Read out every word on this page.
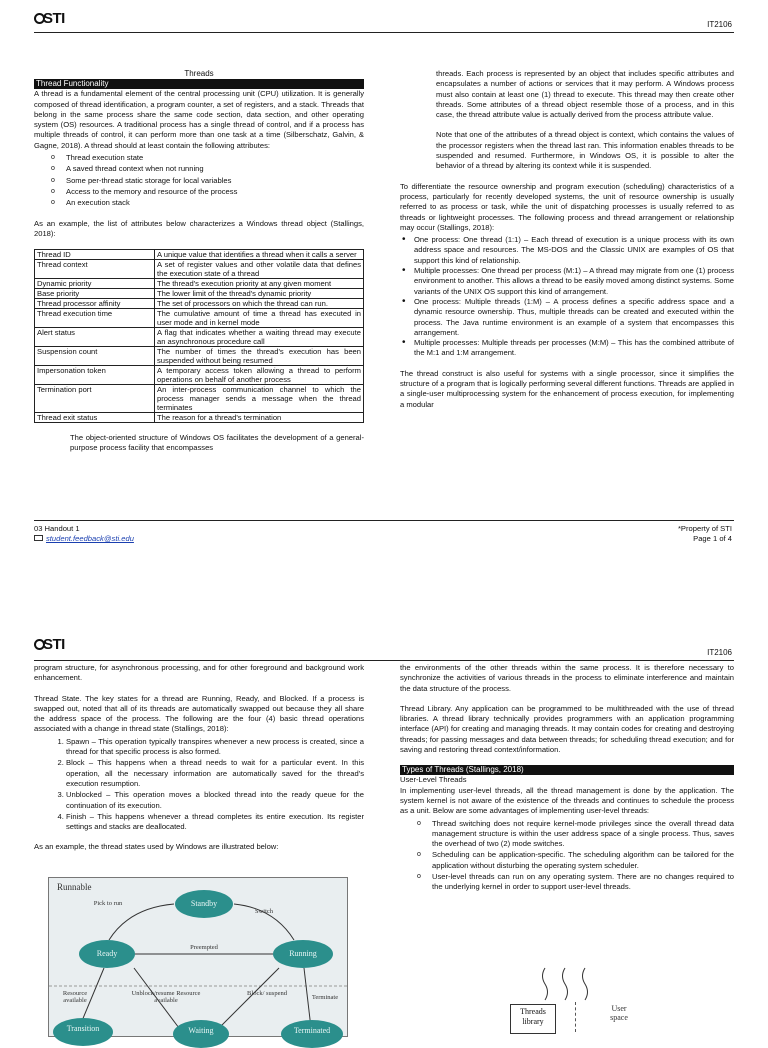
STI	IT2106
Threads
Thread Functionality

A thread is a fundamental element of the central processing unit (CPU) utilization. It is generally composed of thread identification, a program counter, a set of registers, and a stack. Threads that belong in the same process share the same code section, data section, and other operating system (OS) resources. A traditional process has a single thread of control, and if a process has multiple threads of control, it can perform more than one task at a time (Silberschatz, Galvin, & Gagne, 2018). A thread should at least contain the following attributes:

o Thread execution state
o A saved thread context when not running
o Some per-thread static storage for local variables
o Access to the memory and resource of the process
o An execution stack

As an example, the list of attributes below characterizes a Windows thread object (Stallings, 2018):

Thread ID	A unique value that identifies a thread when it calls a server
Thread context	A set of register values and other volatile data that defines the execution state of a thread
Dynamic priority	The thread's execution priority at any given moment
Base priority	The lower limit of the thread's dynamic priority
Thread processor affinity	The set of processors on which the thread can run.
Thread execution time	The cumulative amount of time a thread has executed in user mode and in kernel mode
Alert status	A flag that indicates whether a waiting thread may execute an asynchronous procedure call
Suspension count	The number of times the thread's execution has been suspended without being resumed
Impersonation token	A temporary access token allowing a thread to perform operations on behalf of another process
Termination port	An inter-process communication channel to which the process manager sends a message when the thread terminates
Thread exit status	The reason for a thread's termination

The object-oriented structure of Windows OS facilitates the development of a general-purpose process facility that encompasses

threads. Each process is represented by an object that includes specific attributes and encapsulates a number of actions or services that it may perform. A Windows process must also contain at least one (1) thread to execute. This thread may then create other threads. Some attributes of a thread object resemble those of a process, and in this case, the thread attribute value is actually derived from the process attribute value.

Note that one of the attributes of a thread object is context, which contains the values of the processor registers when the thread last ran. This information enables threads to be suspended and resumed. Furthermore, in Windows OS, it is possible to alter the behavior of a thread by altering its context while it is suspended.

To differentiate the resource ownership and program execution (scheduling) characteristics of a process, particularly for recently developed systems, the unit of resource ownership is usually referred to as process or task, while the unit of dispatching processes is usually referred to as threads or lightweight processes. The following process and thread arrangement or relationship may occur (Stallings, 2018):

• One process: One thread (1:1) – Each thread of execution is a unique process with its own address space and resources. The MS-DOS and the Classic UNIX are examples of OS that support this kind of relationship.
• Multiple processes: One thread per process (M:1) – A thread may migrate from one (1) process environment to another. This allows a thread to be easily moved among distinct systems. Some variants of the UNIX OS support this kind of arrangement.
• One process: Multiple threads (1:M) – A process defines a specific address space and a dynamic resource ownership. Thus, multiple threads can be created and executed within the process. The Java runtime environment is an example of a system that encompasses this arrangement.
• Multiple processes: Multiple threads per processes (M:M) – This has the combined attribute of the M:1 and 1:M arrangement.

The thread construct is also useful for systems with a single processor, since it simplifies the structure of a program that is logically performing several different functions. Threads are applied in a single-user multiprocessing system for the enhancement of process execution, for implementing a modular

03 Handout 1
student.feedback@sti.edu
*Property of STI
Page 1 of 4
STI	IT2106

program structure, for asynchronous processing, and for other foreground and background work enhancement.

Thread State. The key states for a thread are Running, Ready, and Blocked. If a process is swapped out, noted that all of its threads are automatically swapped out because they all share the address space of the process. The following are the four (4) basic thread operations associated with a change in thread state (Stallings, 2018):

1. Spawn – This operation typically transpires whenever a new process is created, since a thread for that specific process is also formed.
2. Block – This happens when a thread needs to wait for a particular event. In this operation, all the necessary information are automatically saved for the thread's execution resumption.
3. Unblocked – This operation moves a blocked thread into the ready queue for the continuation of its execution.
4. Finish – This happens whenever a thread completes its entire execution. Its register settings and stacks are deallocated.

As an example, the thread states used by Windows are illustrated below:

Runnable
Standby
Ready	Running
Transition	Waiting	Terminated
Pick to run
Switch
Preempted
Resource available
Unblock/resume Resource available
Block/ suspend
Terminate

the environments of the other threads within the same process. It is therefore necessary to synchronize the activities of various threads in the process to eliminate interference and maintain the data structure of the process.

Thread Library. Any application can be programmed to be multithreaded with the use of thread libraries. A thread library technically provides programmers with an application programming interface (API) for creating and managing threads. It may contain codes for creating and destroying threads; for passing messages and data between threads; for scheduling thread execution; and for saving and restoring thread context/information.

Types of Threads (Stallings, 2018)
User-Level Threads

In implementing user-level threads, all the thread management is done by the application. The system kernel is not aware of the existence of the threads and continues to schedule the process as a unit. Below are some advantages of implementing user-level threads:

o Thread switching does not require kernel-mode privileges since the overall thread data management structure is within the user address space of a single process. Thus, saves the overhead of two (2) mode switches.
o Scheduling can be application-specific. The scheduling algorithm can be tailored for the application without disturbing the operating system scheduler.
o User-level threads can run on any operating system. There are no changes required to the underlying kernel in order to support user-level threads.
Threads library
User space
